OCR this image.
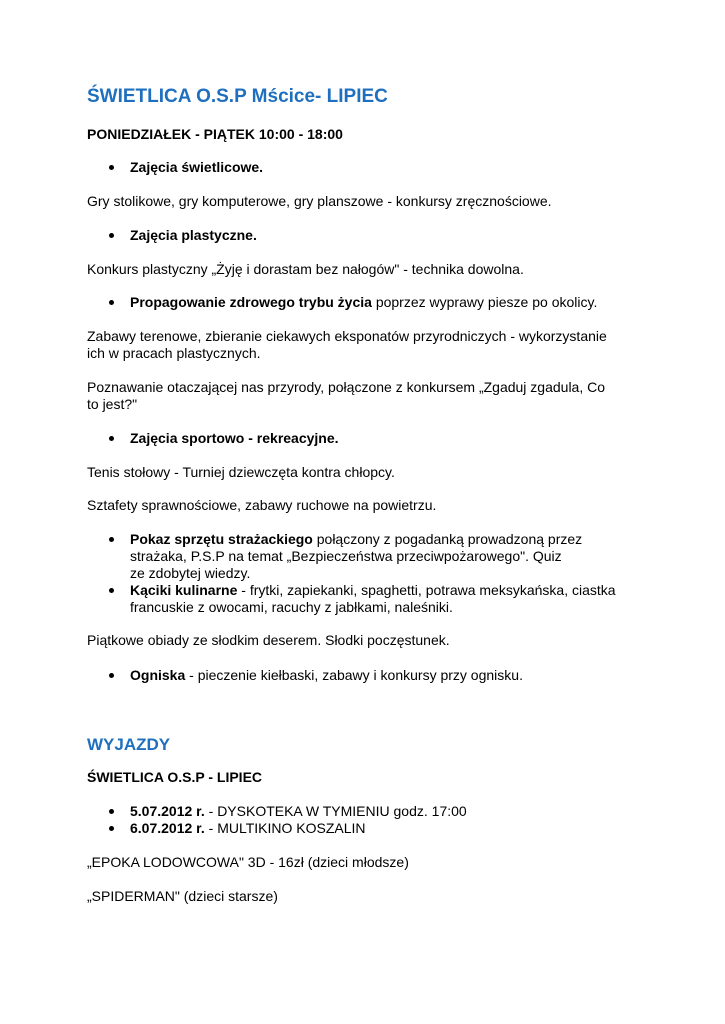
ŚWIETLICA O.S.P Mścice- LIPIEC
PONIEDZIAŁEK - PIĄTEK 10:00 - 18:00
Zajęcia świetlicowe.
Gry stolikowe, gry komputerowe, gry planszowe - konkursy zręcznościowe.
Zajęcia plastyczne.
Konkurs plastyczny „Żyję i dorastam bez nałogów" - technika dowolna.
Propagowanie zdrowego trybu życia poprzez wyprawy piesze po okolicy.
Zabawy terenowe, zbieranie ciekawych eksponatów przyrodniczych - wykorzystanie
ich w pracach plastycznych.
Poznawanie otaczającej nas przyrody, połączone z konkursem „Zgaduj zgadula, Co
to jest?"
Zajęcia sportowo - rekreacyjne.
Tenis stołowy - Turniej dziewczęta kontra chłopcy.
Sztafety sprawnościowe, zabawy ruchowe na powietrzu.
Pokaz sprzętu strażackiego połączony z pogadanką prowadzoną przez
strażaka, P.S.P na temat „Bezpieczeństwa przeciwpożarowego". Quiz
ze zdobytej wiedzy.
Kąciki kulinarne - frytki, zapiekanki, spaghetti, potrawa meksykańska, ciastka
francuskie z owocami, racuchy z jabłkami, naleśniki.
Piątkowe obiady ze słodkim deserem. Słodki poczęstunek.
Ogniska - pieczenie kiełbaski, zabawy i konkursy przy ognisku.
WYJAZDY
ŚWIETLICA O.S.P - LIPIEC
5.07.2012 r. - DYSKOTEKA W TYMIENIU godz. 17:00
6.07.2012 r. - MULTIKINO KOSZALIN
„EPOKA LODOWCOWA" 3D - 16zł (dzieci młodsze)
„SPIDERMAN" (dzieci starsze)
